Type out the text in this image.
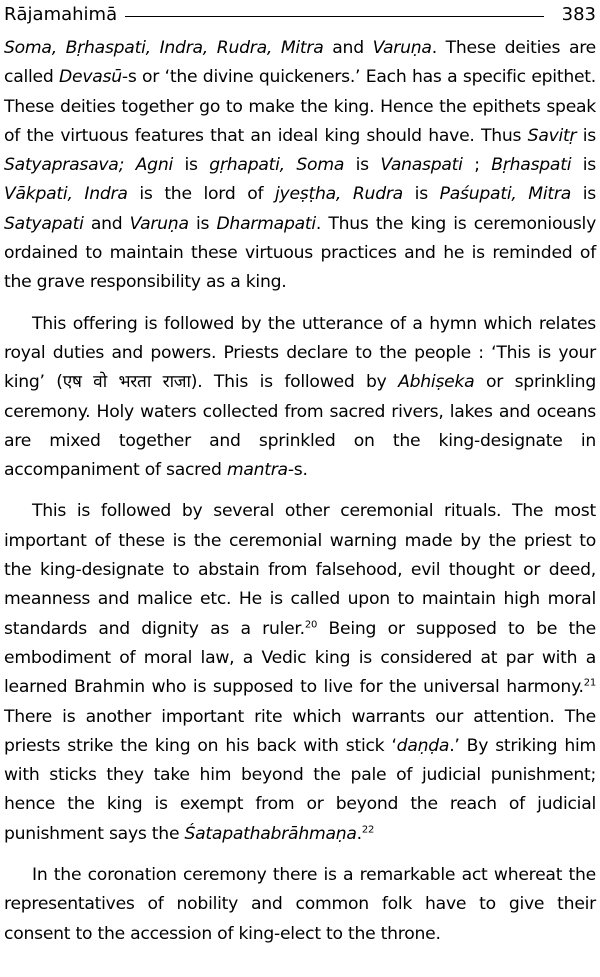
Rājamahimā	383

Soma, Bṛhaspati, Indra, Rudra, Mitra and Varuṇa. These deities are called Devasū-s or ‘the divine quickeners.’ Each has a specific epithet. These deities together go to make the king. Hence the epithets speak of the virtuous features that an ideal king should have. Thus Savitṛ is Satyaprasava; Agni is gṛhapati, Soma is Vanaspati ; Bṛhaspati is Vākpati, Indra is the lord of jyeṣṭha, Rudra is Paśupati, Mitra is Satyapati and Varuṇa is Dharmapati. Thus the king is ceremoniously ordained to maintain these virtuous practices and he is reminded of the grave responsibility as a king.

This offering is followed by the utterance of a hymn which relates royal duties and powers. Priests declare to the people : ‘This is your king’ (एष वो भरता राजा). This is followed by Abhiṣeka or sprinkling ceremony. Holy waters collected from sacred rivers, lakes and oceans are mixed together and sprinkled on the king-designate in accompaniment of sacred mantra-s.

This is followed by several other ceremonial rituals. The most important of these is the ceremonial warning made by the priest to the king-designate to abstain from falsehood, evil thought or deed, meanness and malice etc. He is called upon to maintain high moral standards and dignity as a ruler.$^{20}$ Being or supposed to be the embodiment of moral law, a Vedic king is considered at par with a learned Brahmin who is supposed to live for the universal harmony.$^{21}$ There is another important rite which warrants our attention. The priests strike the king on his back with stick ‘daṇḍa.’ By striking him with sticks they take him beyond the pale of judicial punishment; hence the king is exempt from or beyond the reach of judicial punishment says the Śatapathabrāhmaṇa.$^{22}$

In the coronation ceremony there is a remarkable act whereat the representatives of nobility and common folk have to give their consent to the accession of king-elect to the throne.
